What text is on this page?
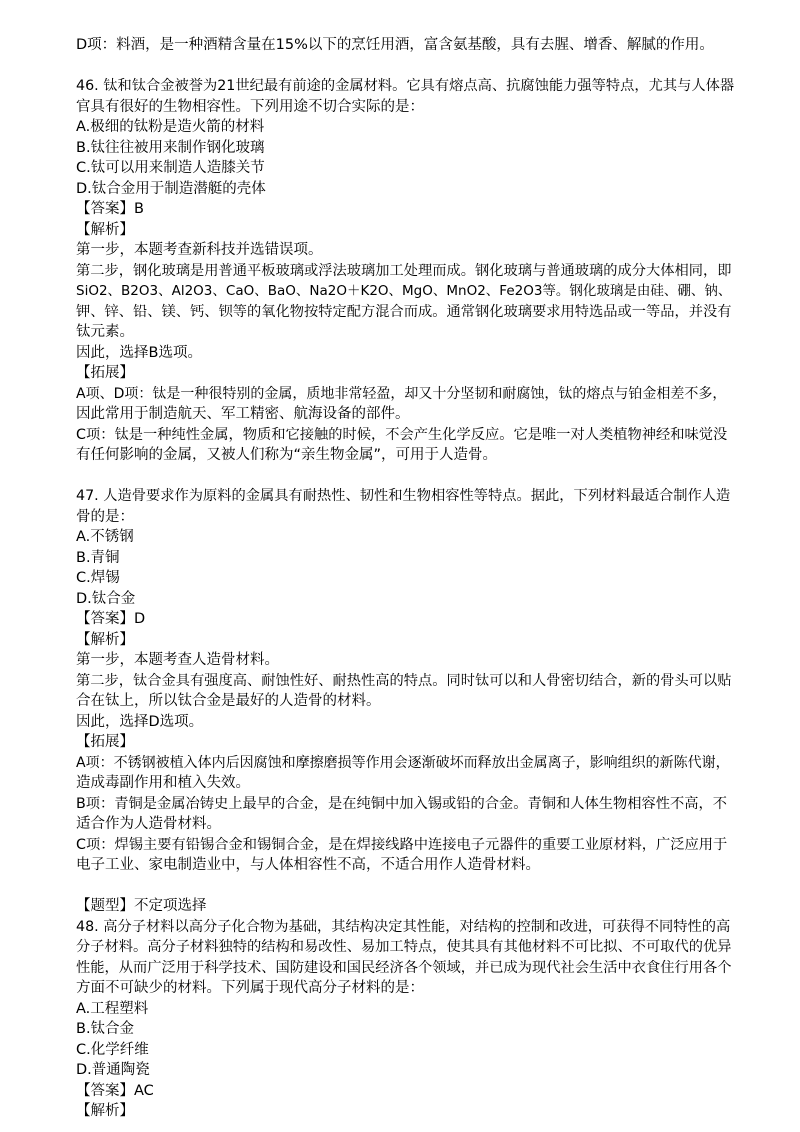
D项：料酒，是一种酒精含量在15%以下的烹饪用酒，富含氨基酸，具有去腥、增香、解腻的作用。
46. 钛和钛合金被誉为21世纪最有前途的金属材料。它具有熔点高、抗腐蚀能力强等特点，尤其与人体器
官具有很好的生物相容性。下列用途不切合实际的是：
A.极细的钛粉是造火箭的材料
B.钛往往被用来制作钢化玻璃
C.钛可以用来制造人造膝关节
D.钛合金用于制造潜艇的壳体
【答案】B
【解析】
第一步，本题考查新科技并选错误项。
第二步，钢化玻璃是用普通平板玻璃或浮法玻璃加工处理而成。钢化玻璃与普通玻璃的成分大体相同，即
SiO2、B2O3、Al2O3、CaO、BaO、Na2O＋K2O、MgO、MnO2、Fe2O3等。钢化玻璃是由硅、硼、钠、
钾、锌、铅、镁、钙、钡等的氧化物按特定配方混合而成。通常钢化玻璃要求用特选品或一等品，并没有
钛元素。
因此，选择B选项。
【拓展】
A项、D项：钛是一种很特别的金属，质地非常轻盈，却又十分坚韧和耐腐蚀，钛的熔点与铂金相差不多，
因此常用于制造航天、军工精密、航海设备的部件。
C项：钛是一种纯性金属，物质和它接触的时候，不会产生化学反应。它是唯一对人类植物神经和味觉没
有任何影响的金属，又被人们称为“亲生物金属”，可用于人造骨。
47. 人造骨要求作为原料的金属具有耐热性、韧性和生物相容性等特点。据此，下列材料最适合制作人造
骨的是：
A.不锈钢
B.青铜
C.焊锡
D.钛合金
【答案】D
【解析】
第一步，本题考查人造骨材料。
第二步，钛合金具有强度高、耐蚀性好、耐热性高的特点。同时钛可以和人骨密切结合，新的骨头可以贴
合在钛上，所以钛合金是最好的人造骨的材料。
因此，选择D选项。
【拓展】
A项：不锈钢被植入体内后因腐蚀和摩擦磨损等作用会逐渐破坏而释放出金属离子，影响组织的新陈代谢，
造成毒副作用和植入失效。
B项：青铜是金属冶铸史上最早的合金，是在纯铜中加入锡或铅的合金。青铜和人体生物相容性不高，不
适合作为人造骨材料。
C项：焊锡主要有铅锡合金和锡铜合金，是在焊接线路中连接电子元器件的重要工业原材料，广泛应用于
电子工业、家电制造业中，与人体相容性不高，不适合用作人造骨材料。
【题型】不定项选择
48. 高分子材料以高分子化合物为基础，其结构决定其性能，对结构的控制和改进，可获得不同特性的高
分子材料。高分子材料独特的结构和易改性、易加工特点，使其具有其他材料不可比拟、不可取代的优异
性能，从而广泛用于科学技术、国防建设和国民经济各个领域，并已成为现代社会生活中衣食住行用各个
方面不可缺少的材料。下列属于现代高分子材料的是：
A.工程塑料
B.钛合金
C.化学纤维
D.普通陶瓷
【答案】AC
【解析】
